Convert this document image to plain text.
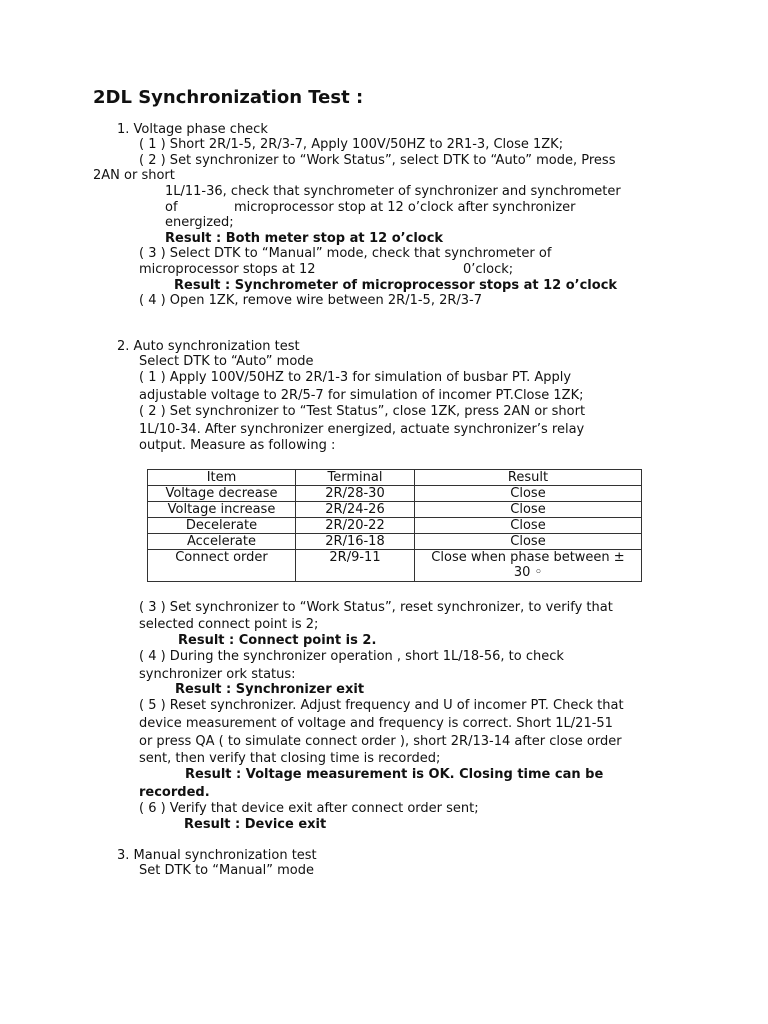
2DL Synchronization Test :
1. Voltage phase check
( 1 ) Short 2R/1-5, 2R/3-7, Apply 100V/50HZ to 2R1-3, Close 1ZK;
( 2 ) Set synchronizer to “Work Status”, select DTK to “Auto” mode, Press
2AN or short
1L/11-36, check that synchrometer of synchronizer and synchrometer
of	microprocessor stop at 12 o’clock after synchronizer
energized;
Result : Both meter stop at 12 o’clock
( 3 ) Select DTK to “Manual” mode, check that synchrometer of
microprocessor stops at 12	0’clock;
Result : Synchrometer of microprocessor stops at 12 o’clock
( 4 ) Open 1ZK, remove wire between 2R/1-5, 2R/3-7
2. Auto synchronization test
Select DTK to “Auto” mode
( 1 ) Apply 100V/50HZ to 2R/1-3 for simulation of busbar PT. Apply
adjustable voltage to 2R/5-7 for simulation of incomer PT.Close 1ZK;
( 2 ) Set synchronizer to “Test Status”, close 1ZK, press 2AN or short
1L/10-34. After synchronizer energized, actuate synchronizer’s relay
output. Measure as following :
Item	Terminal	Result
Voltage decrease	2R/28-30	Close
Voltage increase	2R/24-26	Close
Decelerate	2R/20-22	Close
Accelerate	2R/16-18	Close
Connect order	2R/9-11	Close when phase between ±
30 ◦
( 3 ) Set synchronizer to “Work Status”, reset synchronizer, to verify that
selected connect point is 2;
Result : Connect point is 2.
( 4 ) During the synchronizer operation , short 1L/18-56, to check
synchronizer ork status:
Result : Synchronizer exit
( 5 ) Reset synchronizer. Adjust frequency and U of incomer PT. Check that
device measurement of voltage and frequency is correct. Short 1L/21-51
or press QA ( to simulate connect order ), short 2R/13-14 after close order
sent, then verify that closing time is recorded;
Result : Voltage measurement is OK. Closing time can be
recorded.
( 6 ) Verify that device exit after connect order sent;
Result : Device exit
3. Manual synchronization test
Set DTK to “Manual” mode
